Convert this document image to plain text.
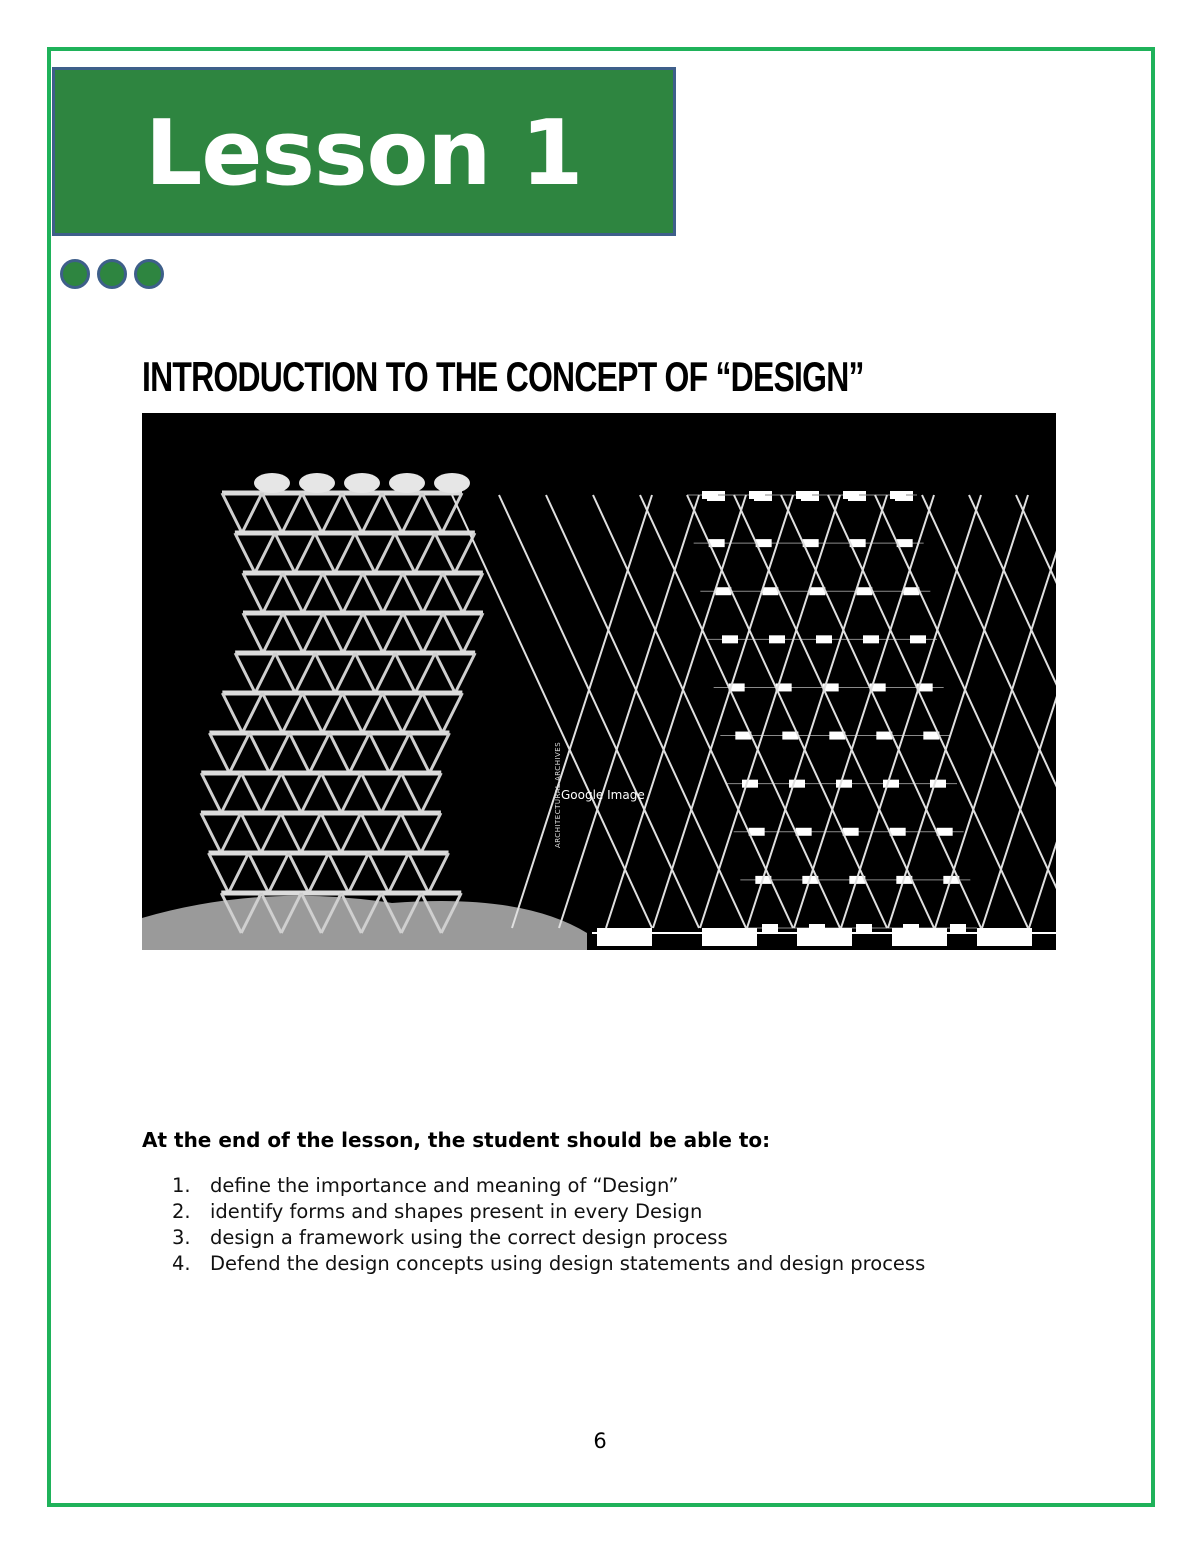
Lesson 1
INTRODUCTION TO THE CONCEPT OF “DESIGN”
Google Image
ARCHITECTURAL ARCHIVES

At the end of the lesson, the student should be able to:

1. define the importance and meaning of “Design”
2. identify forms and shapes present in every Design
3. design a framework using the correct design process
4. Defend the design concepts using design statements and design process
6
